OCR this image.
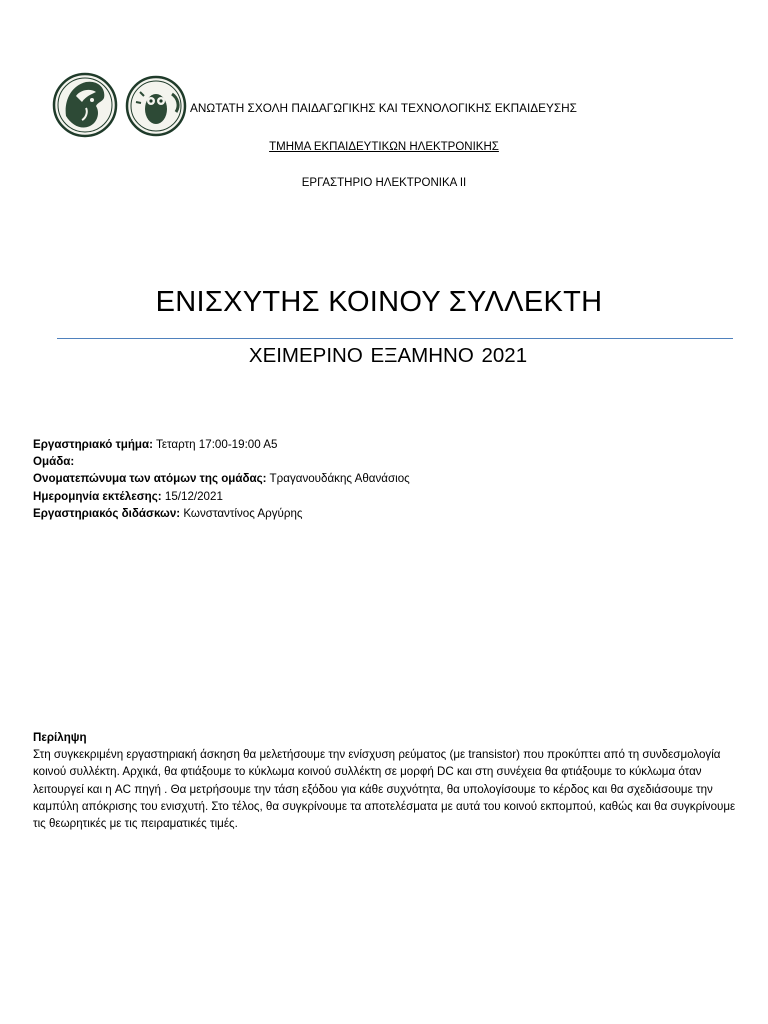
ΑΝΩΤΑΤΗ ΣΧΟΛΗ ΠΑΙΔΑΓΩΓΙΚΗΣ ΚΑΙ ΤΕΧΝΟΛΟΓΙΚΗΣ ΕΚΠΑΙΔΕΥΣΗΣ
ΤΜΗΜΑ ΕΚΠΑΙΔΕΥΤΙΚΩΝ ΗΛΕΚΤΡΟΝΙΚΗΣ
ΕΡΓΑΣΤΗΡΙΟ ΗΛΕΚΤΡΟΝΙΚΑ ΙΙ
ΕΝΙΣΧΥΤΗΣ ΚΟΙΝΟΥ ΣΥΛΛΕΚΤΗ
ΧΕΙΜΕΡΙΝΟ ΕΞΑΜΗΝΟ 2021
Εργαστηριακό τμήμα: Τεταρτη 17:00-19:00 Α5
Ομάδα:
Ονοματεπώνυμα των ατόμων της ομάδας: Τραγανουδάκης Αθανάσιος
Ημερομηνία εκτέλεσης: 15/12/2021
Εργαστηριακός διδάσκων: Κωνσταντίνος Αργύρης
Περίληψη
Στη συγκεκριμένη εργαστηριακή άσκηση θα μελετήσουμε την ενίσχυση ρεύματος (με transistor) που προκύπτει από τη συνδεσμολογία κοινού συλλέκτη. Αρχικά, θα φτιάξουμε το κύκλωμα κοινού συλλέκτη σε μορφή DC και στη συνέχεια θα φτιάξουμε το κύκλωμα όταν λειτουργεί και η AC πηγή . Θα μετρήσουμε την τάση εξόδου για κάθε συχνότητα, θα υπολογίσουμε το κέρδος και θα σχεδιάσουμε την καμπύλη απόκρισης του ενισχυτή. Στο τέλος, θα συγκρίνουμε τα αποτελέσματα με αυτά του κοινού εκπομπού, καθώς και θα συγκρίνουμε τις θεωρητικές με τις πειραματικές τιμές.
